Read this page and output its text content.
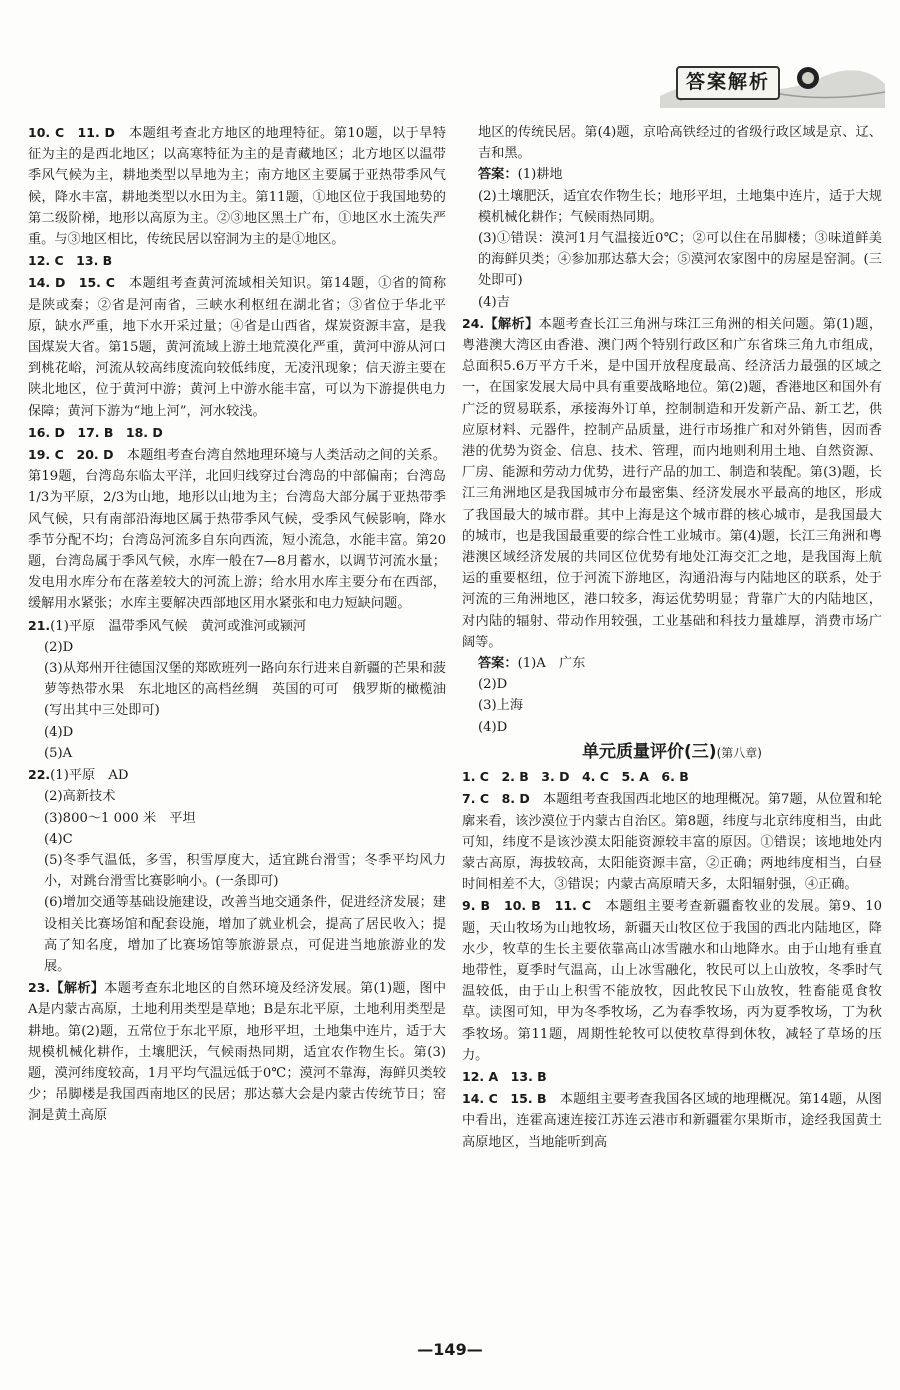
答案解析

10. C　11. D　本题组考查北方地区的地理特征。第10题，以于旱特征为主的是西北地区；以高寒特征为主的是青藏地区；北方地区以温带季风气候为主，耕地类型以旱地为主；南方地区主要属于亚热带季风气候，降水丰富，耕地类型以水田为主。第11题，①地区位于我国地势的第二级阶梯，地形以高原为主。②③地区黑土广布，①地区水土流失严重。与③地区相比，传统民居以窑洞为主的是①地区。

12. C　13. B

14. D　15. C　本题组考查黄河流域相关知识。第14题，①省的简称是陕或秦；②省是河南省，三峡水利枢纽在湖北省；③省位于华北平原，缺水严重，地下水开采过量；④省是山西省，煤炭资源丰富，是我国煤炭大省。第15题，黄河流域上游土地荒漠化严重，黄河中游从河口到桃花峪，河流从较高纬度流向较低纬度，无凌汛现象；信天游主要在陕北地区，位于黄河中游；黄河上中游水能丰富，可以为下游提供电力保障；黄河下游为“地上河”，河水较浅。

16. D　17. B　18. D

19. C　20. D　本题组考查台湾自然地理环境与人类活动之间的关系。第19题，台湾岛东临太平洋，北回归线穿过台湾岛的中部偏南；台湾岛1/3为平原，2/3为山地，地形以山地为主；台湾岛大部分属于亚热带季风气候，只有南部沿海地区属于热带季风气候，受季风气候影响，降水季节分配不均；台湾岛河流多自东向西流，短小流急，水能丰富。第20题，台湾岛属于季风气候，水库一般在7—8月蓄水，以调节河流水量；发电用水库分布在落差较大的河流上游；给水用水库主要分布在西部，缓解用水紧张；水库主要解决西部地区用水紧张和电力短缺问题。

21.(1)平原　温带季风气候　黄河或淮河或颍河

(2)D

(3)从郑州开往德国汉堡的郑欧班列一路向东行进来自新疆的芒果和菠萝等热带水果　东北地区的高档丝绸　英国的可可　俄罗斯的橄榄油(写出其中三处即可)

(4)D

(5)A

22.(1)平原　AD

(2)高新技术

(3)800～1 000 米　平坦

(4)C

(5)冬季气温低，多雪，积雪厚度大，适宜跳台滑雪；冬季平均风力小，对跳台滑雪比赛影响小。(一条即可)

(6)增加交通等基础设施建设，改善当地交通条件，促进经济发展；建设相关比赛场馆和配套设施，增加了就业机会，提高了居民收入；提高了知名度，增加了比赛场馆等旅游景点，可促进当地旅游业的发展。

23.【解析】本题考查东北地区的自然环境及经济发展。第(1)题，图中A是内蒙古高原，土地利用类型是草地；B是东北平原，土地利用类型是耕地。第(2)题，五常位于东北平原，地形平坦，土地集中连片，适于大规模机械化耕作，土壤肥沃，气候雨热同期，适宜农作物生长。第(3)题，漠河纬度较高，1月平均气温远低于0℃；漠河不靠海，海鲜贝类较少；吊脚楼是我国西南地区的民居；那达慕大会是内蒙古传统节日；窑洞是黄土高原

地区的传统民居。第(4)题，京哈高铁经过的省级行政区域是京、辽、吉和黑。

答案：(1)耕地

(2)土壤肥沃，适宜农作物生长；地形平坦，土地集中连片，适于大规模机械化耕作；气候雨热同期。

(3)①错误：漠河1月气温接近0℃；②可以住在吊脚楼；③味道鲜美的海鲜贝类；④参加那达慕大会；⑤漠河农家图中的房屋是窑洞。(三处即可)

(4)吉

24.【解析】本题考查长江三角洲与珠江三角洲的相关问题。第(1)题，粤港澳大湾区由香港、澳门两个特别行政区和广东省珠三角九市组成，总面积5.6万平方千米，是中国开放程度最高、经济活力最强的区域之一，在国家发展大局中具有重要战略地位。第(2)题，香港地区和国外有广泛的贸易联系，承接海外订单，控制制造和开发新产品、新工艺，供应原材料、元器件，控制产品质量，进行市场推广和对外销售，因而香港的优势为资金、信息、技术、管理，而内地则利用土地、自然资源、厂房、能源和劳动力优势，进行产品的加工、制造和装配。第(3)题，长江三角洲地区是我国城市分布最密集、经济发展水平最高的地区，形成了我国最大的城市群。其中上海是这个城市群的核心城市，是我国最大的城市，也是我国最重要的综合性工业城市。第(4)题，长江三角洲和粤港澳区域经济发展的共同区位优势有地处江海交汇之地，是我国海上航运的重要枢纽，位于河流下游地区，沟通沿海与内陆地区的联系，处于河流的三角洲地区，港口较多，海运优势明显；背靠广大的内陆地区，对内陆的辐射、带动作用较强，工业基础和科技力量雄厚，消费市场广阔等。

答案：(1)A　广东

(2)D

(3)上海

(4)D

单元质量评价(三)(第八章)

1. C　2. B　3. D　4. C　5. A　6. B

7. C　8. D　本题组考查我国西北地区的地理概况。第7题，从位置和轮廓来看，该沙漠位于内蒙古自治区。第8题，纬度与北京纬度相当，由此可知，纬度不是该沙漠太阳能资源较丰富的原因。①错误；该地地处内蒙古高原，海拔较高，太阳能资源丰富，②正确；两地纬度相当，白昼时间相差不大，③错误；内蒙古高原晴天多，太阳辐射强，④正确。

9. B　10. B　11. C　本题组主要考查新疆畜牧业的发展。第9、10题，天山牧场为山地牧场，新疆天山牧区位于我国的西北内陆地区，降水少，牧草的生长主要依靠高山冰雪融水和山地降水。由于山地有垂直地带性，夏季时气温高，山上冰雪融化，牧民可以上山放牧，冬季时气温较低，由于山上积雪不能放牧，因此牧民下山放牧，牲畜能觅食牧草。读图可知，甲为冬季牧场，乙为春季牧场，丙为夏季牧场，丁为秋季牧场。第11题，周期性轮牧可以使牧草得到休牧，减轻了草场的压力。

12. A　13. B

14. C　15. B　本题组主要考查我国各区域的地理概况。第14题，从图中看出，连霍高速连接江苏连云港市和新疆霍尔果斯市，途经我国黄土高原地区，当地能听到高

—149—
